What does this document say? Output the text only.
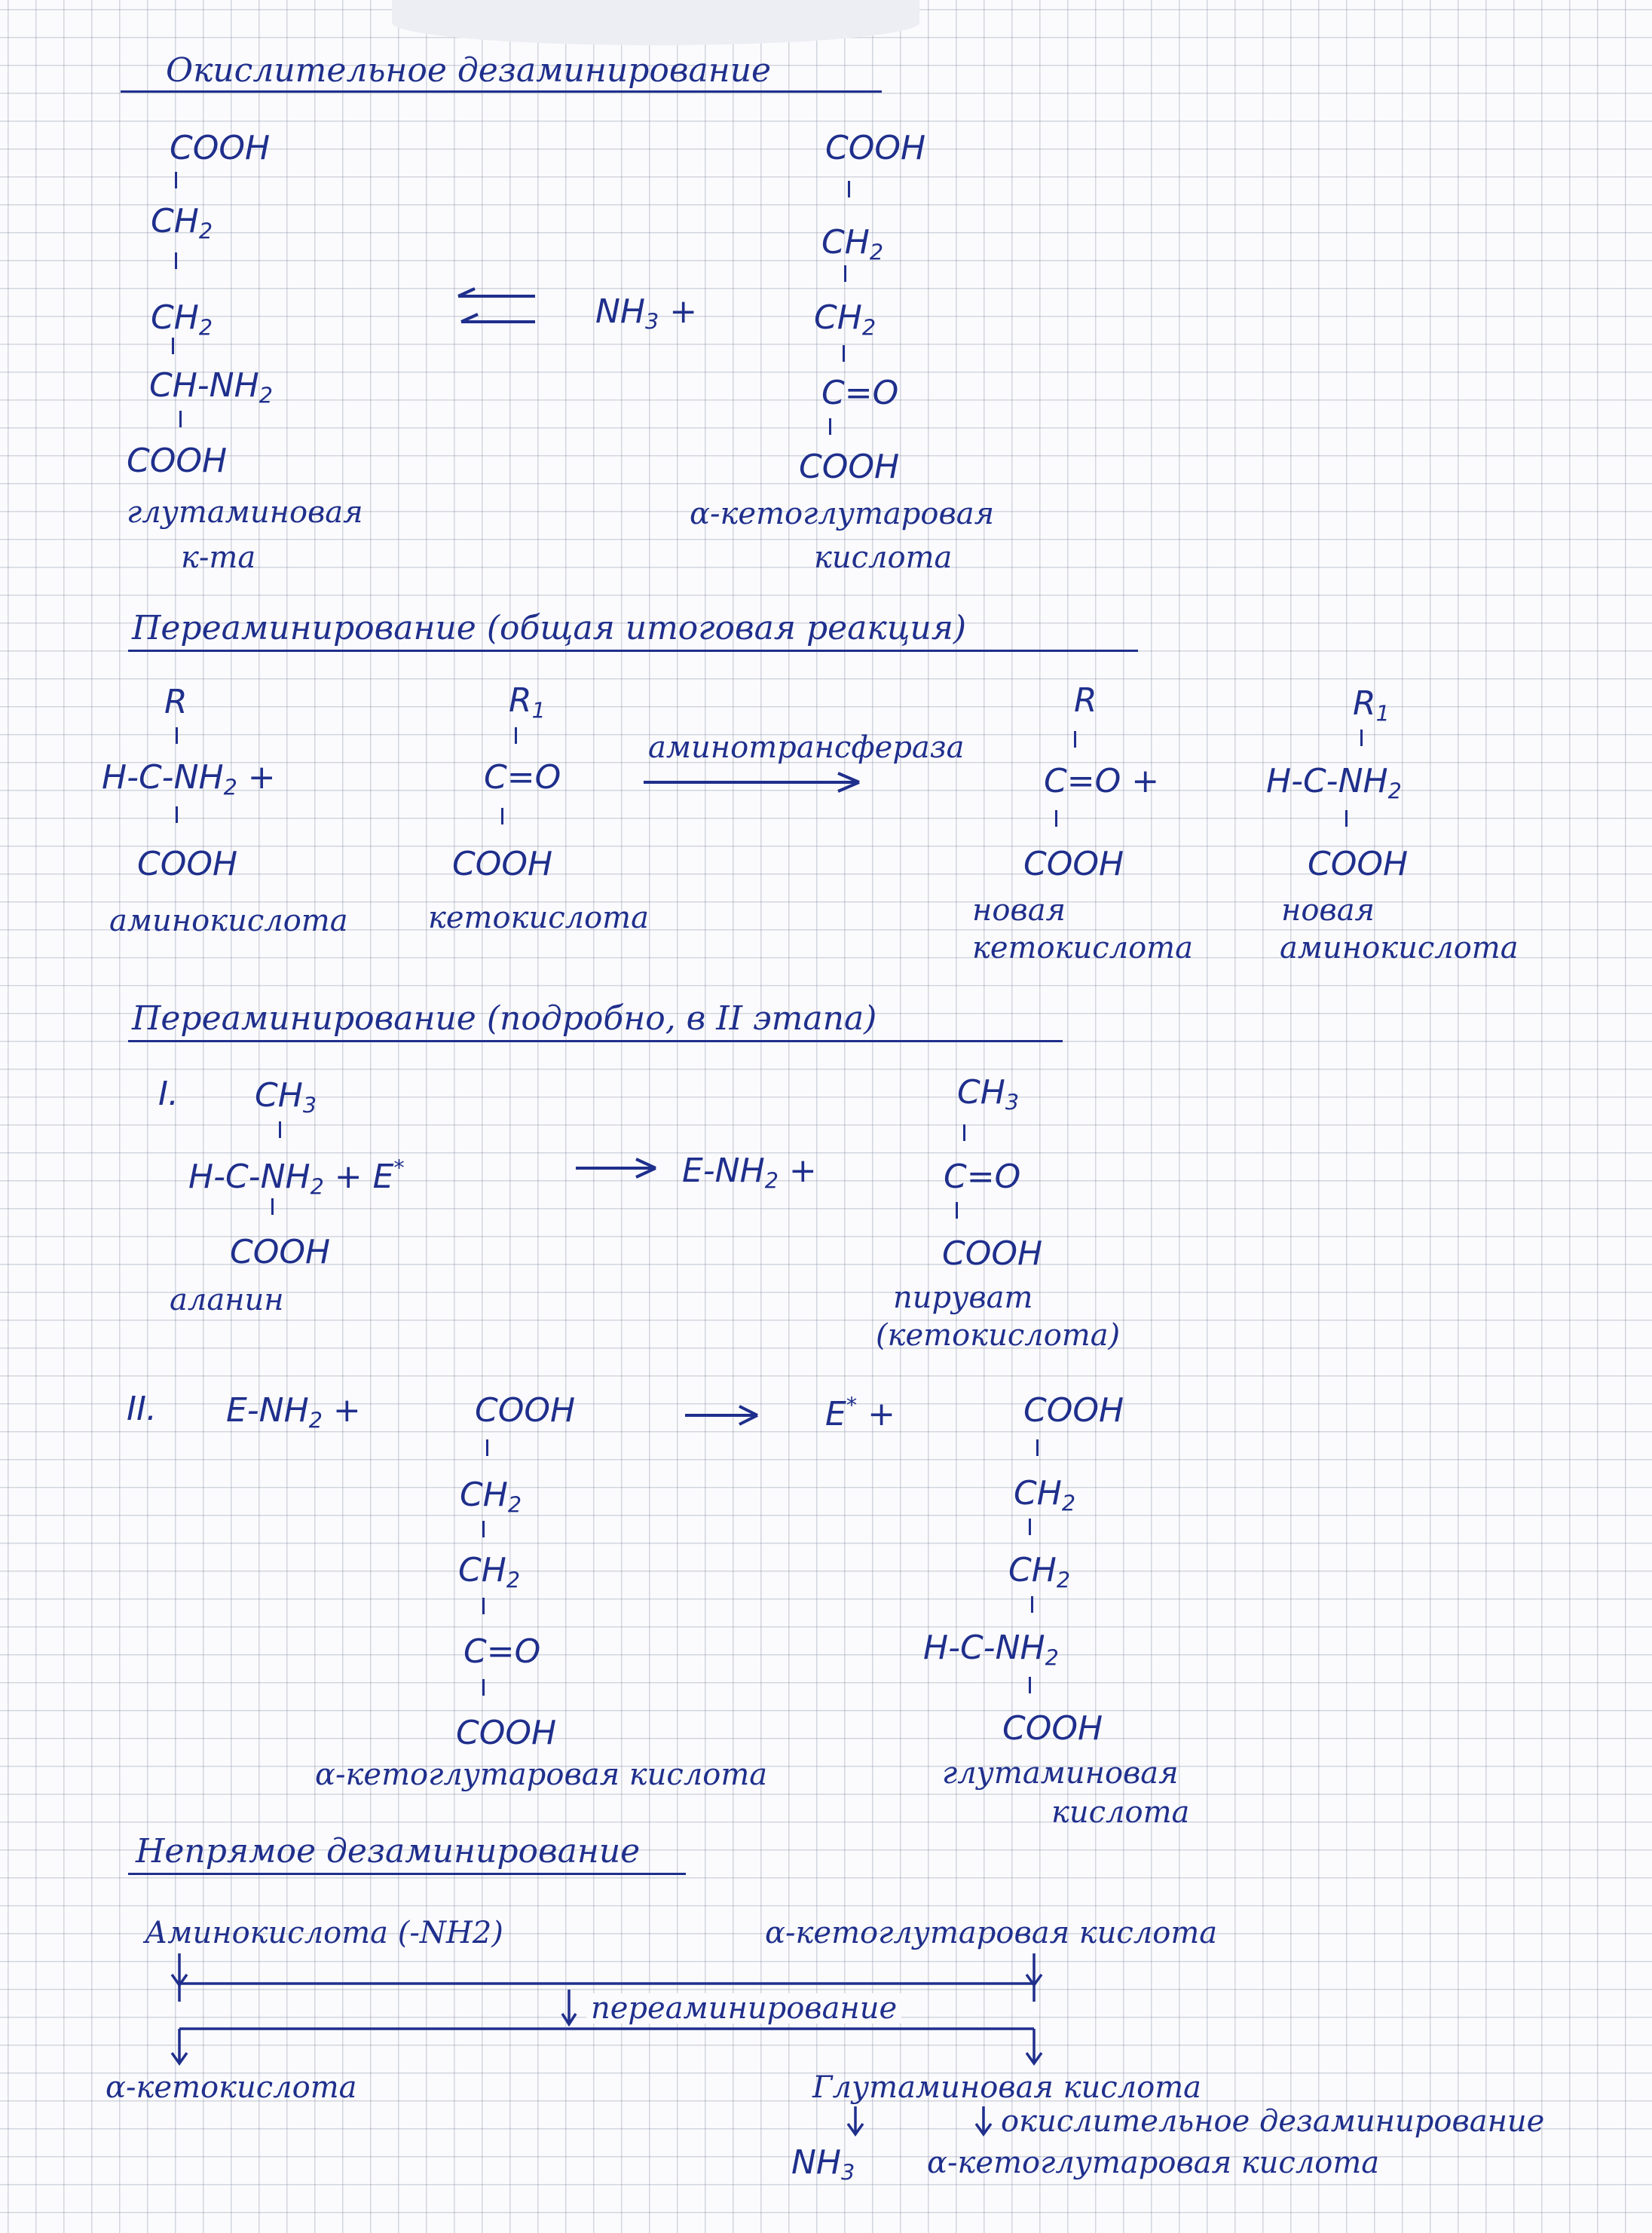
Окислительное дезаминирование
COOH
$CH_2$
$CH_2$
$CH-NH_2$
COOH
$NH_3$ +
COOH
$CH_2$
$CH_2$
C=O
COOH
глутаминовая
к-та
α-кетоглутаровая
кислота
Переаминирование (общая итоговая реакция)
R
$H-C-NH_2$ +
COOH
$R_1$
C=O
COOH
аминотрансфераза
R
C=O +
COOH
$R_1$
$H-C-NH_2$
COOH
аминокислота	кетокислота	новая
кетокислота
новая
аминокислота
Переаминирование (подробно, в II этапа)
I. $CH_3$
$H-C-NH_2 + E^*$
COOH
$E-NH_2$ +
$CH_3$
C=O
COOH
аланин	пируват
(кетокислота)
II. $E-NH_2$ +	COOH
$CH_2$
$CH_2$
C=O
COOH
E* +	COOH
$CH_2$
$CH_2$
$H-C-NH_2$
COOH
α-кетоглутаровая кислота	глутаминовая
кислота
Непрямое дезаминирование
Аминокислота (-NH2)	α-кетоглутаровая кислота
переаминирование
α-кетокислота	Глутаминовая кислота
окислительное дезаминирование
$NH_3$ α-кетоглутаровая кислота
